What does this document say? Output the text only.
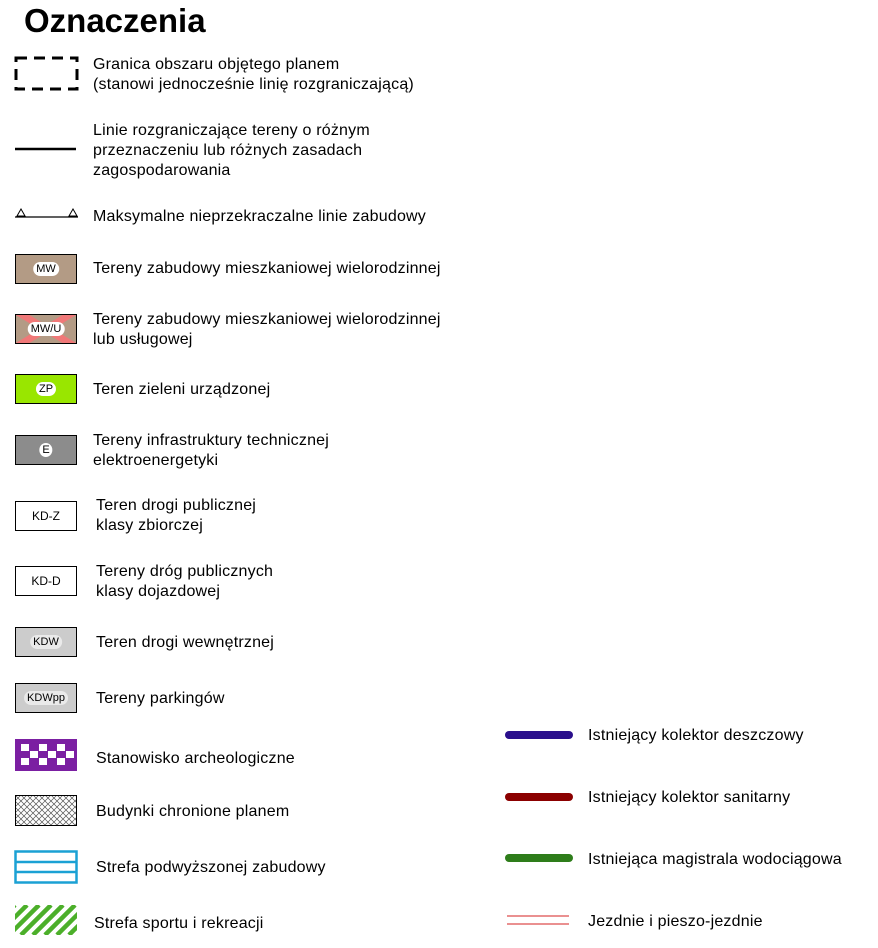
Oznaczenia
Granica obszaru objętego planem
(stanowi jednocześnie linię rozgraniczającą)
Linie rozgraniczające tereny o różnym
przeznaczeniu lub różnych zasadach
zagospodarowania
Maksymalne nieprzekraczalne linie zabudowy
MW Tereny zabudowy mieszkaniowej wielorodzinnej
MW/U
Tereny zabudowy mieszkaniowej wielorodzinnej
lub usługowej
ZP Teren zieleni urządzonej
E
Tereny infrastruktury technicznej
elektroenergetyki
KD-Z
Teren drogi publicznej
klasy zbiorczej
KD-D
Tereny dróg publicznych
klasy dojazdowej
KDW Teren drogi wewnętrznej
KDWpp Tereny parkingów
Stanowisko archeologiczne
Budynki chronione planem
Strefa podwyższonej zabudowy
Strefa sportu i rekreacji
Istniejący kolektor deszczowy
Istniejący kolektor sanitarny
Istniejąca magistrala wodociągowa
Jezdnie i pieszo-jezdnie
